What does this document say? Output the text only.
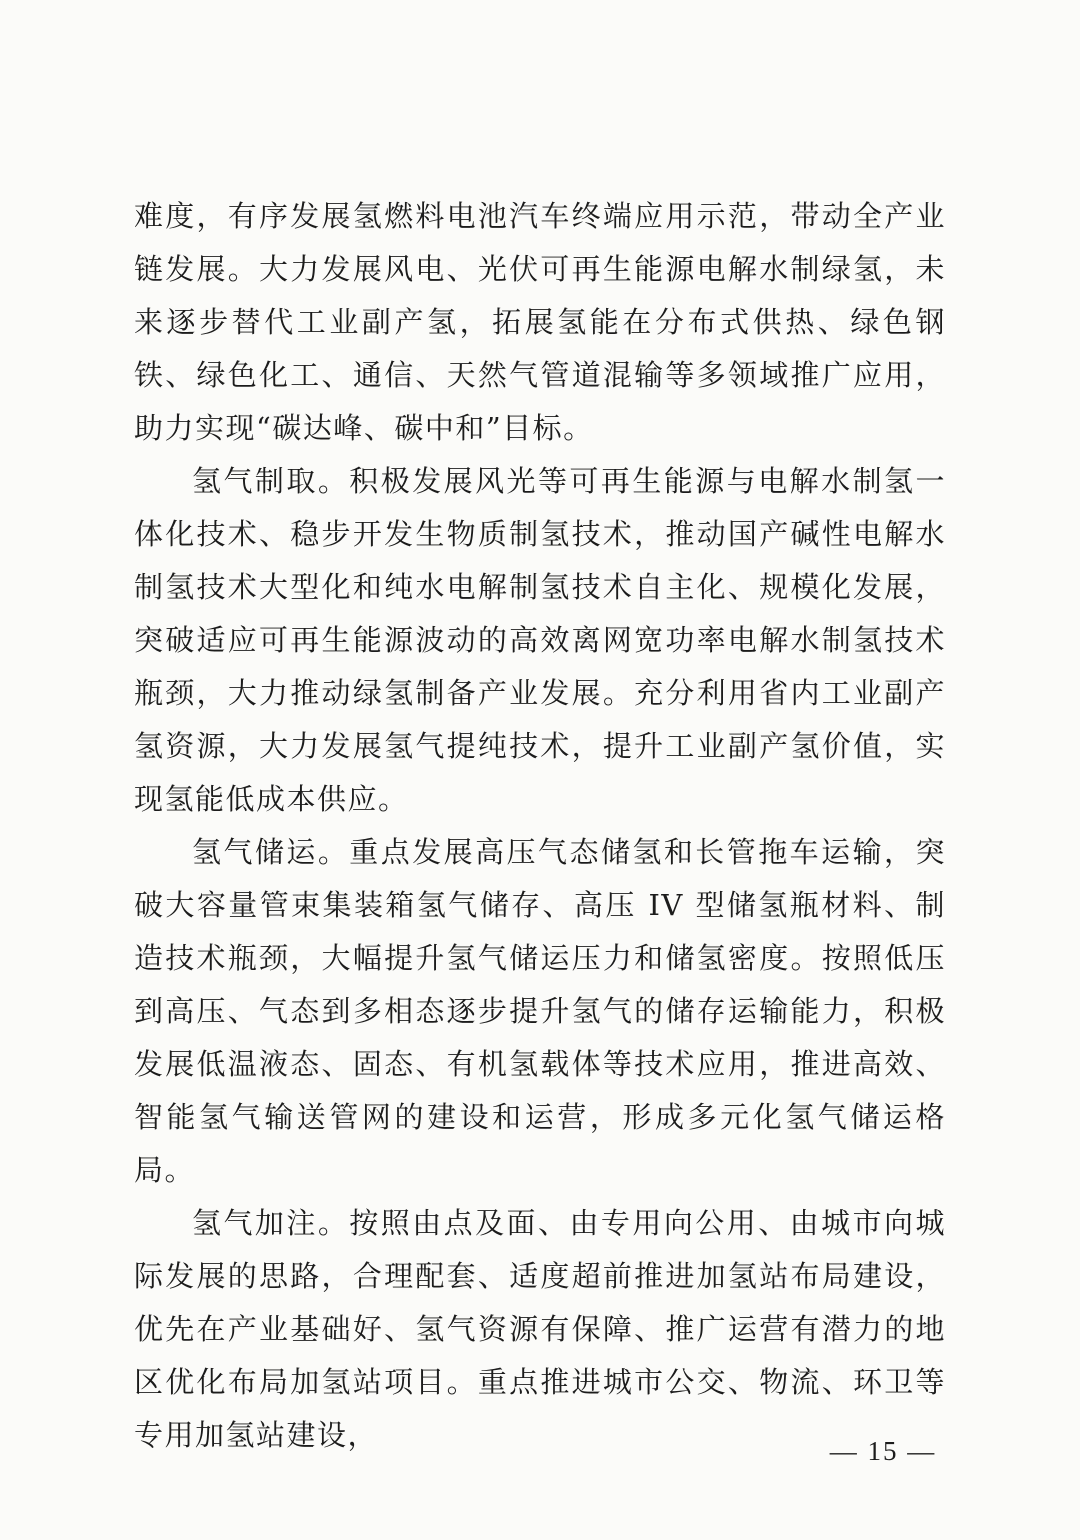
难度，有序发展氢燃料电池汽车终端应用示范，带动全产业链发展。大力发展风电、光伏可再生能源电解水制绿氢，未来逐步替代工业副产氢，拓展氢能在分布式供热、绿色钢铁、绿色化工、通信、天然气管道混输等多领域推广应用，助力实现“碳达峰、碳中和”目标。

氢气制取。积极发展风光等可再生能源与电解水制氢一体化技术、稳步开发生物质制氢技术，推动国产碱性电解水制氢技术大型化和纯水电解制氢技术自主化、规模化发展，突破适应可再生能源波动的高效离网宽功率电解水制氢技术瓶颈，大力推动绿氢制备产业发展。充分利用省内工业副产氢资源，大力发展氢气提纯技术，提升工业副产氢价值，实现氢能低成本供应。

氢气储运。重点发展高压气态储氢和长管拖车运输，突破大容量管束集装箱氢气储存、高压 IV 型储氢瓶材料、制造技术瓶颈，大幅提升氢气储运压力和储氢密度。按照低压到高压、气态到多相态逐步提升氢气的储存运输能力，积极发展低温液态、固态、有机氢载体等技术应用，推进高效、智能氢气输送管网的建设和运营，形成多元化氢气储运格局。

氢气加注。按照由点及面、由专用向公用、由城市向城际发展的思路，合理配套、适度超前推进加氢站布局建设，优先在产业基础好、氢气资源有保障、推广运营有潜力的地区优化布局加氢站项目。重点推进城市公交、物流、环卫等专用加氢站建设，	— 15 —
